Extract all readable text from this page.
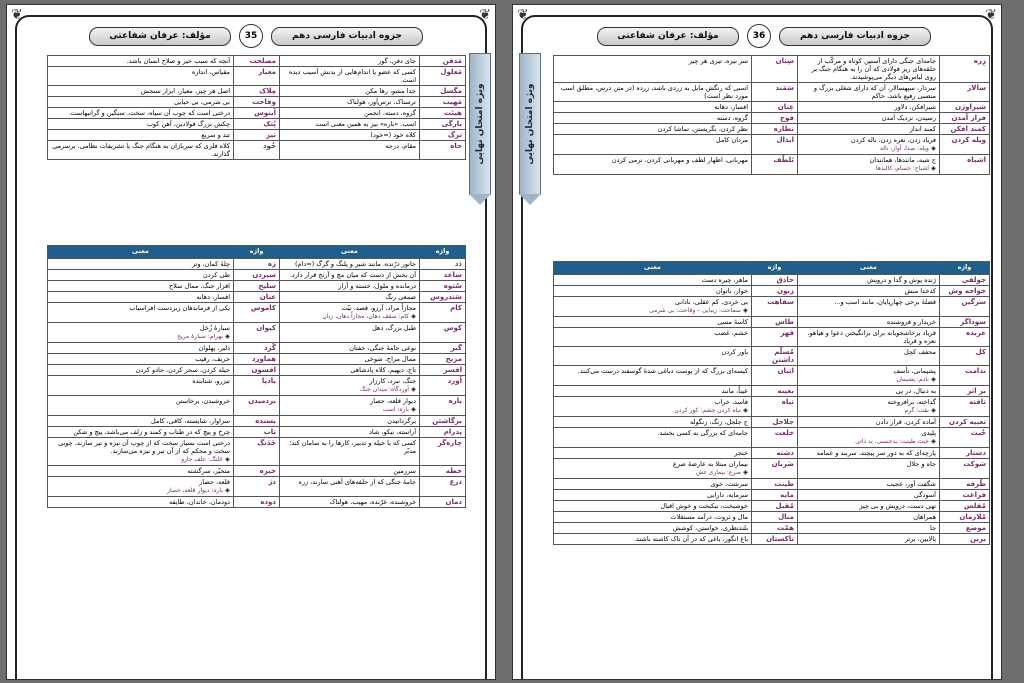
❦	❦
مؤلف: عرفان شفاعتی	35	جزوه ادبیات فارسی دهم
ویژه امتحان نهایی
مَدفن	جای دفن، گور	مصلحت	آنچه که سبب خیر و صلاح انسان باشد.
مَعلول	کسی که عضو یا اندام‌هایی از بدنش آسیب دیده است.	معیار	مقیاس، اندازه
مگسل	جدا مشو، رها مکن	مِلاک	اصل هر چیز، معیار، ابزار سنجش
مَهیب	ترسناک، ترس‌آور، هولناک	وقاحت	بی شرمی، بی حیایی
هیئت	گروه، دسته، انجمن	آبنوس	درختی است که چوب آن سیاه، سخت، سنگین و گرانبهاست.
بارگی	اسب. «باره» نیز به همین معنی است	پُتک	چکش بزرگ فولادین، آهن کوب
ترگ	کلاه خود (=خود)	تیز	تند و سریع
جاه	مقام، درجه	خُود	کلاه فلزی که سربازان به هنگام جنگ یا تشریفات نظامی، برسرمی گذارند.
واژه	معنی	واژه	معنی
دَد	جانور درّنده، مانند شیر و پلنگ و گرگ (=دام)	زه	چلهٔ کمان، وتر
ساعد	آن بخش از دست که میان مچ و آرنج قرار دارد.	سپردن	طی کردن
سُتوه	درمانده و ملول، خسته و آزار	سلیح	افزار جنگ، ممال سلاح
سَندروس	صمغی رنگ	عنان	افسار، دهانه
کام	مجازاً مراد، آرزو، قصد، نیّت
◈ کام: سقف دهان، مجازاً دهان، زبان	کاموس	یکی از فرماندهان زیردست افراسیاب
کوس	طبل بزرگ، دهل	کیوان	سیارهٔ زُحَل
◈ بهرام: سیارهٔ مریخ
گبر	نوعی جامهٔ جنگی، خفتان	گُرد	دلیر، پهلوان
مزیح	ممال مزاح، شوخی	هماورد	حریف، رقیب
افسر	تاج، دیهیم، کلاه پادشاهی	افسون	حیله کردن، سحر کردن، جادو کردن
آورد	جنگ، نبرد، کارزار
◈ آوردگاه: میدان جنگ	بادپا	تیزرو، شتابنده
باره	دیوار قلعه، حصار
◈ باره: اسب	بردمیدن	خروشیدن، برخاستن
برگاشتن	برگردانیدن	بسنده	سزاوار، شایسته، کافی، کامل
پدرام	آراسته، نیکو، شاد	تاب	چرخ و پیچ که در طناب و کمند و زلف می‌باشد، پیچ و شکن
چاره‌گر	کسی که با حیله و تدبیر، کارها را به سامان کند؛ مدبّر	خَدَنگ	درختی است بسیار سخت که از چوب آن نیزه و تیر سازند، چوبی سخت و محکم که از آن تیر و نیزه می‌سازند.
◈ خَلنگ: علف جارو
خطه	سرزمین	خیره	متحیّر، سرگشته
درع	جامهٔ جنگی که از حلقه‌های آهنی سازند، زره	دژ	قلعه، حصار
◈ باره: دیوار قلعه، حصار
دمان	خروشنده، غرّنده، مهیب، هولناک	دوده	دودمان، خاندان، طایفه
❦	❦
مؤلف: عرفان شفاعتی	36	جزوه ادبیات فارسی دهم
ویژه امتحان نهایی
زِره	جامه‌ای جنگی دارای آستین کوتاه و مرکّب از حلقه‌های ریز فولادی که آن را به هنگام جنگ بر روی لباس‌های دیگر می‌پوشیدند.	سِنان	سر نیزه، تیزی هر چیز
سالار	سردار، سپهسالار، آن که دارای شغلی بزرگ و منصبی رفیع باشد، حاکم	سَمَند	اسبی که رنگش مایل به زردی باشد، زرده (در متن درس، مطلق اسب مورد نظر است)
شیراوژن	شیرافکن، دلاور	عِنان	افسار، دهانه
فراز آمدن	رسیدن، نزدیک آمدن	فوج	گروه، دسته
کمند افکن	کمند انداز	نظاره	نظر کردن، نگریستن، تماشا کردن
ویله کردن	فریاد زدن، نعره زدن، ناله کردن
◈ ویله: صدا، آواز، ناله	ابدال	مردان کامل
اشباه	ج شبه، مانندها، همانندان
◈ اشباح: جسام، کالبدها	تَلطُّف	مهربانی، اظهار لطف و مهربانی کردن، نرمی کردن
واژه	معنی	واژه	معنی
جولقی	ژنده پوش و گدا و درویش	حاذق	ماهر، چیره دست
خواجه وش	کدخدا منش	زبون	خوار، ناتوان
سرگین	فضلهٔ برخی چهارپایان، مانند اسب و...	سفاهت	بی خردی، کم عقلی، نادانی
◈ سماحت: زیبایی – وقاحت: بی شرمی
سوداگر	خریدار و فروشنده	طاس	کاسهٔ مسی
عربده	فریاد برخاشجویانه برای برانگیختن دعوا و هیاهو، نعره و فریاد	قهر	خشم، غضب
کل	محفف کچل	مُسلّم داشتن	باور کردن
ندامت	پشیمانی، تأسف
◈ نادم: پشیمان	انبان	کیسه‌ای بزرگ که از پوست دباغی شدهٔ گوسفند درست می‌کنند.
بر اثر	به دنبال، در پی	بعینه	عیناً، مانند
تافته	گداخته، برافروخته
◈ نفت: گرم	تباه	فاسد، خراب
◈ تباه کردن چشم: کور کردن
تعبیه کردن	آماده کردن، قرار دادن	جلاجل	ج جلجل، زنگ، زنگوله
خُبث	پلیدی
◈ خبث طینت: بدجنسی، بد ذاتی	خلعت	جامه‌ای که بزرگی به کسی بخشد.
دستار	پارچه‌ای که به دور سر پیچند، سربند و عمامه	دشنه	خنجر
شوکت	جاه و جلال	ضَربان	بیماران مبتلا به عارضهٔ صرع
◈ صرع: بیماری غش
طُرفه	شگفت آور، عجیب	طینت	سرشت، خوی
فراغت	آسودگی	مایه	سرمایه، دارایی
مُفلس	تهی دست، درویش و بی چیز	مُقبل	خوشبخت، نیکبخت و خوش اقبال
مُلازمان	همراهان	منال	مال و ثروت، درآمد مستغلات
موضع	جا	همّت	بلندنظری، خواستن، کوشش
برین	بالایین، برتر	تاکستان	باغ انگور، باغی که در آن تاک کاشته باشند.
